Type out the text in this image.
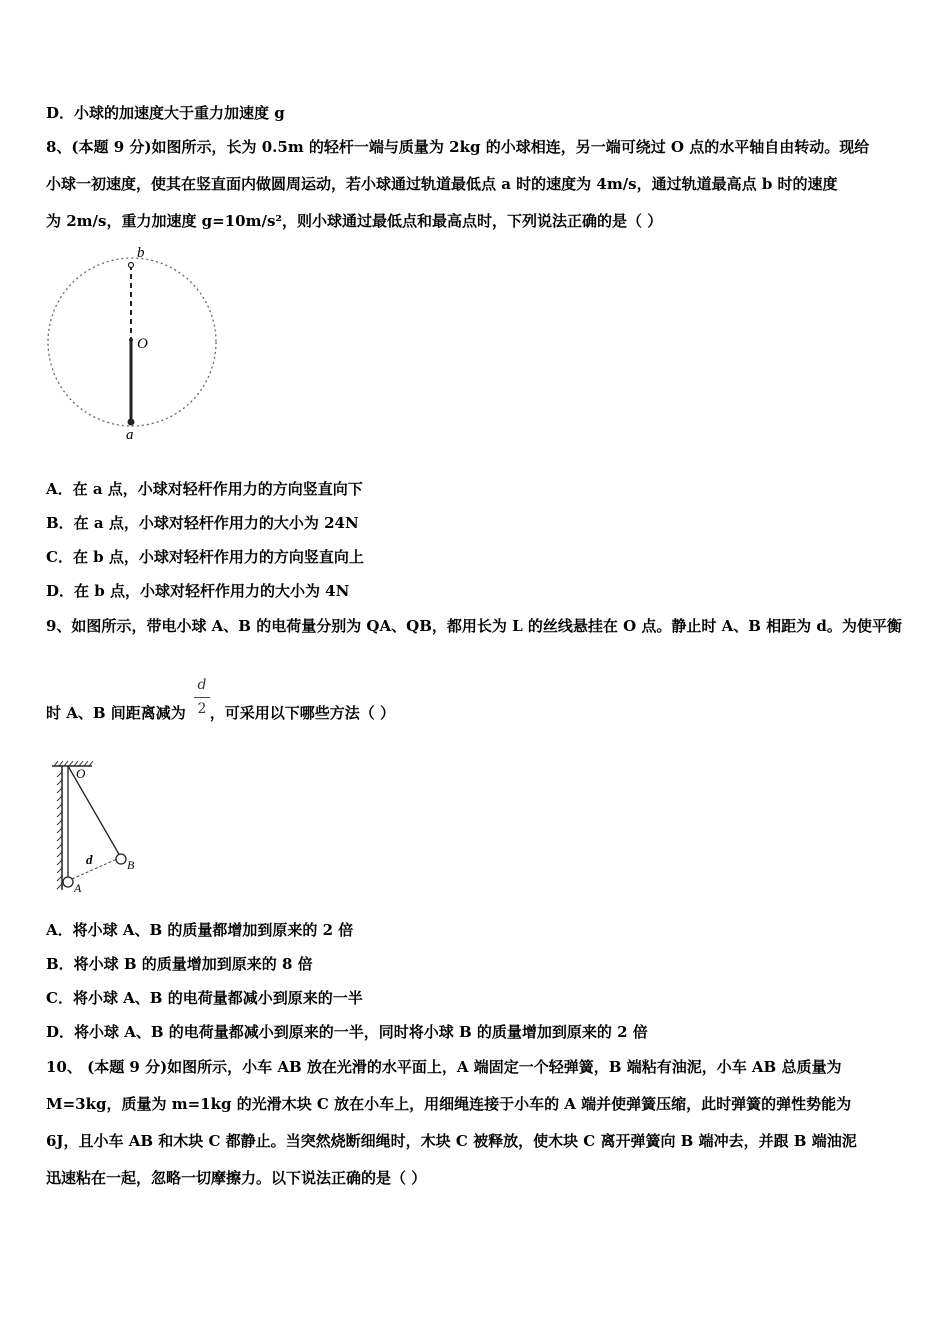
D．小球的加速度大于重力加速度 g
8、(本题 9 分)如图所示，长为 0.5m 的轻杆一端与质量为 2kg 的小球相连，另一端可绕过 O 点的水平轴自由转动。现给
小球一初速度，使其在竖直面内做圆周运动，若小球通过轨道最低点 a 时的速度为 4m/s，通过轨道最高点 b 时的速度
为 2m/s，重力加速度 g=10m/s²，则小球通过最低点和最高点时，下列说法正确的是（ ）
b
O
a
A．在 a 点，小球对轻杆作用力的方向竖直向下
B．在 a 点，小球对轻杆作用力的大小为 24N
C．在 b 点，小球对轻杆作用力的方向竖直向上
D．在 b 点，小球对轻杆作用力的大小为 4N
9、如图所示，带电小球 A、B 的电荷量分别为 QA、QB，都用长为 L 的丝线悬挂在 O 点。静止时 A、B 相距为 d。为使平衡
时 A、B 间距离减为 ，可采用以下哪些方法（ ）
d
2
O
d
A
B
A．将小球 A、B 的质量都增加到原来的 2 倍
B．将小球 B 的质量增加到原来的 8 倍
C．将小球 A、B 的电荷量都减小到原来的一半
D．将小球 A、B 的电荷量都减小到原来的一半，同时将小球 B 的质量增加到原来的 2 倍
10、 (本题 9 分)如图所示，小车 AB 放在光滑的水平面上，A 端固定一个轻弹簧，B 端粘有油泥，小车 AB 总质量为
M=3kg，质量为 m=1kg 的光滑木块 C 放在小车上，用细绳连接于小车的 A 端并使弹簧压缩，此时弹簧的弹性势能为
6J，且小车 AB 和木块 C 都静止。当突然烧断细绳时，木块 C 被释放，使木块 C 离开弹簧向 B 端冲去，并跟 B 端油泥
迅速粘在一起，忽略一切摩擦力。以下说法正确的是（ ）
